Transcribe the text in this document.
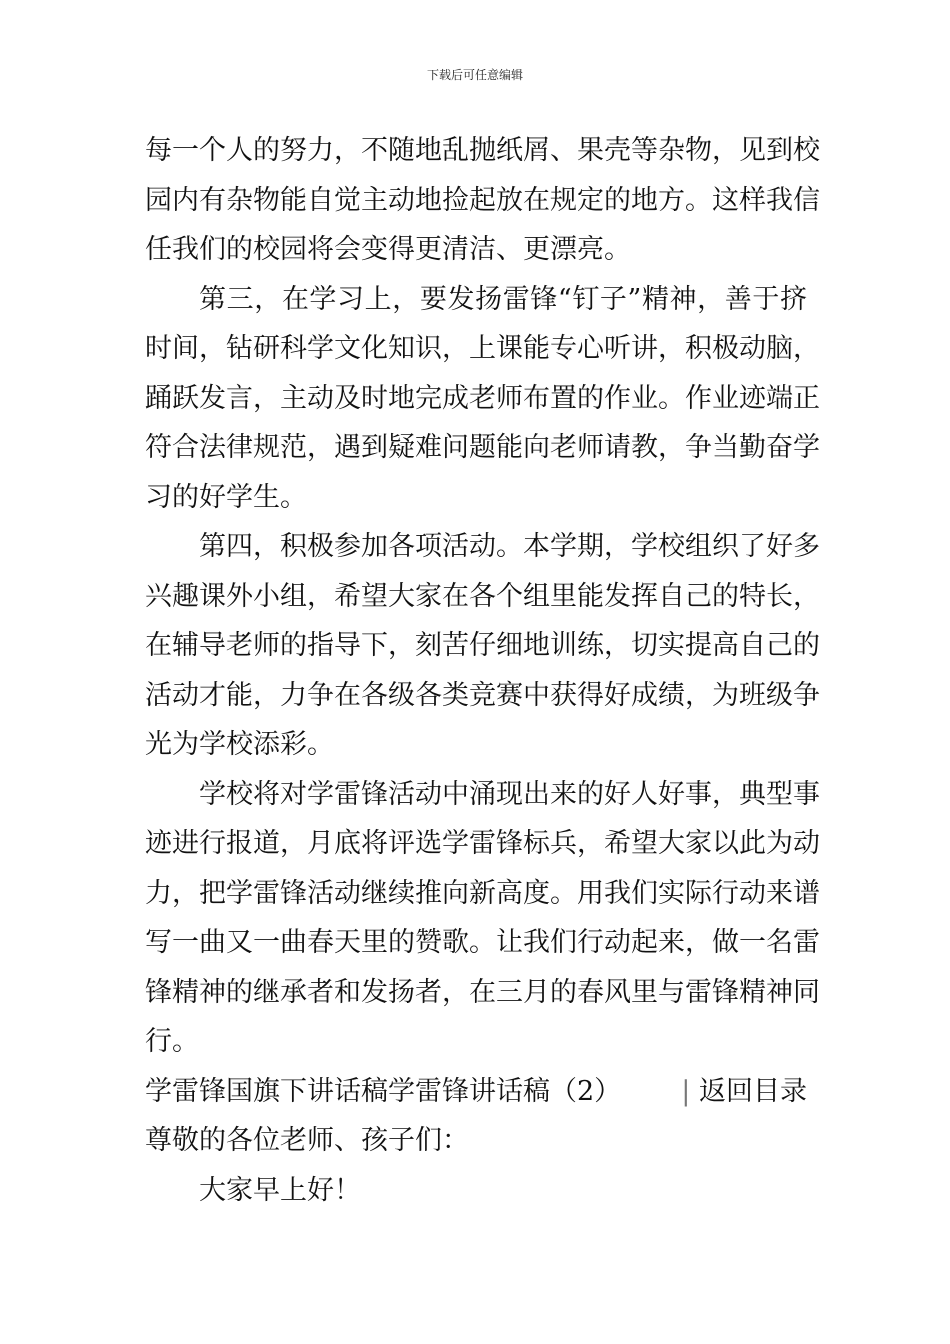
下载后可任意编辑
每一个人的努力，不随地乱抛纸屑、果壳等杂物，见到校
园内有杂物能自觉主动地捡起放在规定的地方。这样我信
任我们的校园将会变得更清洁、更漂亮。
第三，在学习上，要发扬雷锋“钉子”精神，善于挤
时间，钻研科学文化知识，上课能专心听讲，积极动脑，
踊跃发言，主动及时地完成老师布置的作业。作业迹端正
符合法律规范，遇到疑难问题能向老师请教，争当勤奋学
习的好学生。
第四，积极参加各项活动。本学期，学校组织了好多
兴趣课外小组，希望大家在各个组里能发挥自己的特长，
在辅导老师的指导下，刻苦仔细地训练，切实提高自己的
活动才能，力争在各级各类竞赛中获得好成绩，为班级争
光为学校添彩。
学校将对学雷锋活动中涌现出来的好人好事，典型事
迹进行报道，月底将评选学雷锋标兵，希望大家以此为动
力，把学雷锋活动继续推向新高度。用我们实际行动来谱
写一曲又一曲春天里的赞歌。让我们行动起来，做一名雷
锋精神的继承者和发扬者，在三月的春风里与雷锋精神同
行。
学雷锋国旗下讲话稿学雷锋讲话稿（2） | 返回目录
尊敬的各位老师、孩子们：
大家早上好！
